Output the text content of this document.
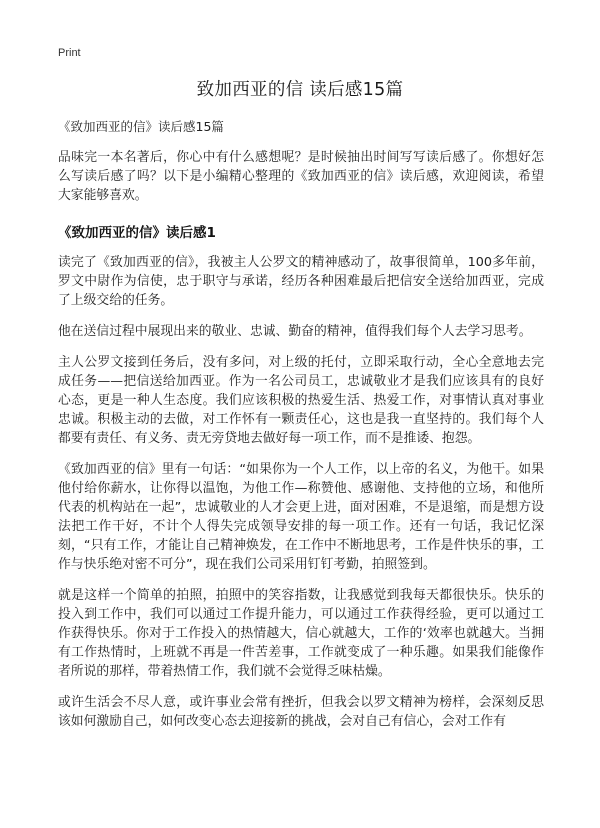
Print
致加西亚的信 读后感15篇
《致加西亚的信》读后感15篇

品味完一本名著后，你心中有什么感想呢？是时候抽出时间写写读后感了。你想好怎么写读后感了吗？以下是小编精心整理的《致加西亚的信》读后感，欢迎阅读，希望大家能够喜欢。

《致加西亚的信》读后感1

读完了《致加西亚的信》，我被主人公罗文的精神感动了，故事很简单，100多年前，罗文中尉作为信使，忠于职守与承诺，经历各种困难最后把信安全送给加西亚，完成了上级交给的任务。

他在送信过程中展现出来的敬业、忠诚、勤奋的精神，值得我们每个人去学习思考。

主人公罗文接到任务后，没有多问，对上级的托付，立即采取行动，全心全意地去完成任务——把信送给加西亚。作为一名公司员工，忠诚敬业才是我们应该具有的良好心态，更是一种人生态度。我们应该积极的热爱生活、热爱工作，对事情认真对事业忠诚。积极主动的去做，对工作怀有一颗责任心，这也是我一直坚持的。我们每个人都要有责任、有义务、责无旁贷地去做好每一项工作，而不是推诿、抱怨。

《致加西亚的信》里有一句话：“如果你为一个人工作，以上帝的名义，为他干。如果他付给你薪水，让你得以温饱，为他工作—称赞他、感谢他、支持他的立场，和他所代表的机构站在一起”，忠诚敬业的人才会更上进，面对困难，不是退缩，而是想方设法把工作干好，不计个人得失完成领导安排的每一项工作。还有一句话，我记忆深刻，“只有工作，才能让自己精神焕发，在工作中不断地思考，工作是件快乐的事，工作与快乐绝对密不可分”，现在我们公司采用钉钉考勤，拍照签到。

就是这样一个简单的拍照，拍照中的笑容指数，让我感觉到我每天都很快乐。快乐的投入到工作中，我们可以通过工作提升能力，可以通过工作获得经验，更可以通过工作获得快乐。你对于工作投入的热情越大，信心就越大，工作的‘效率也就越大。当拥有工作热情时，上班就不再是一件苦差事，工作就变成了一种乐趣。如果我们能像作者所说的那样，带着热情工作，我们就不会觉得乏味枯燥。

或许生活会不尽人意，或许事业会常有挫折，但我会以罗文精神为榜样，会深刻反思该如何激励自己，如何改变心态去迎接新的挑战，会对自己有信心，会对工作有
